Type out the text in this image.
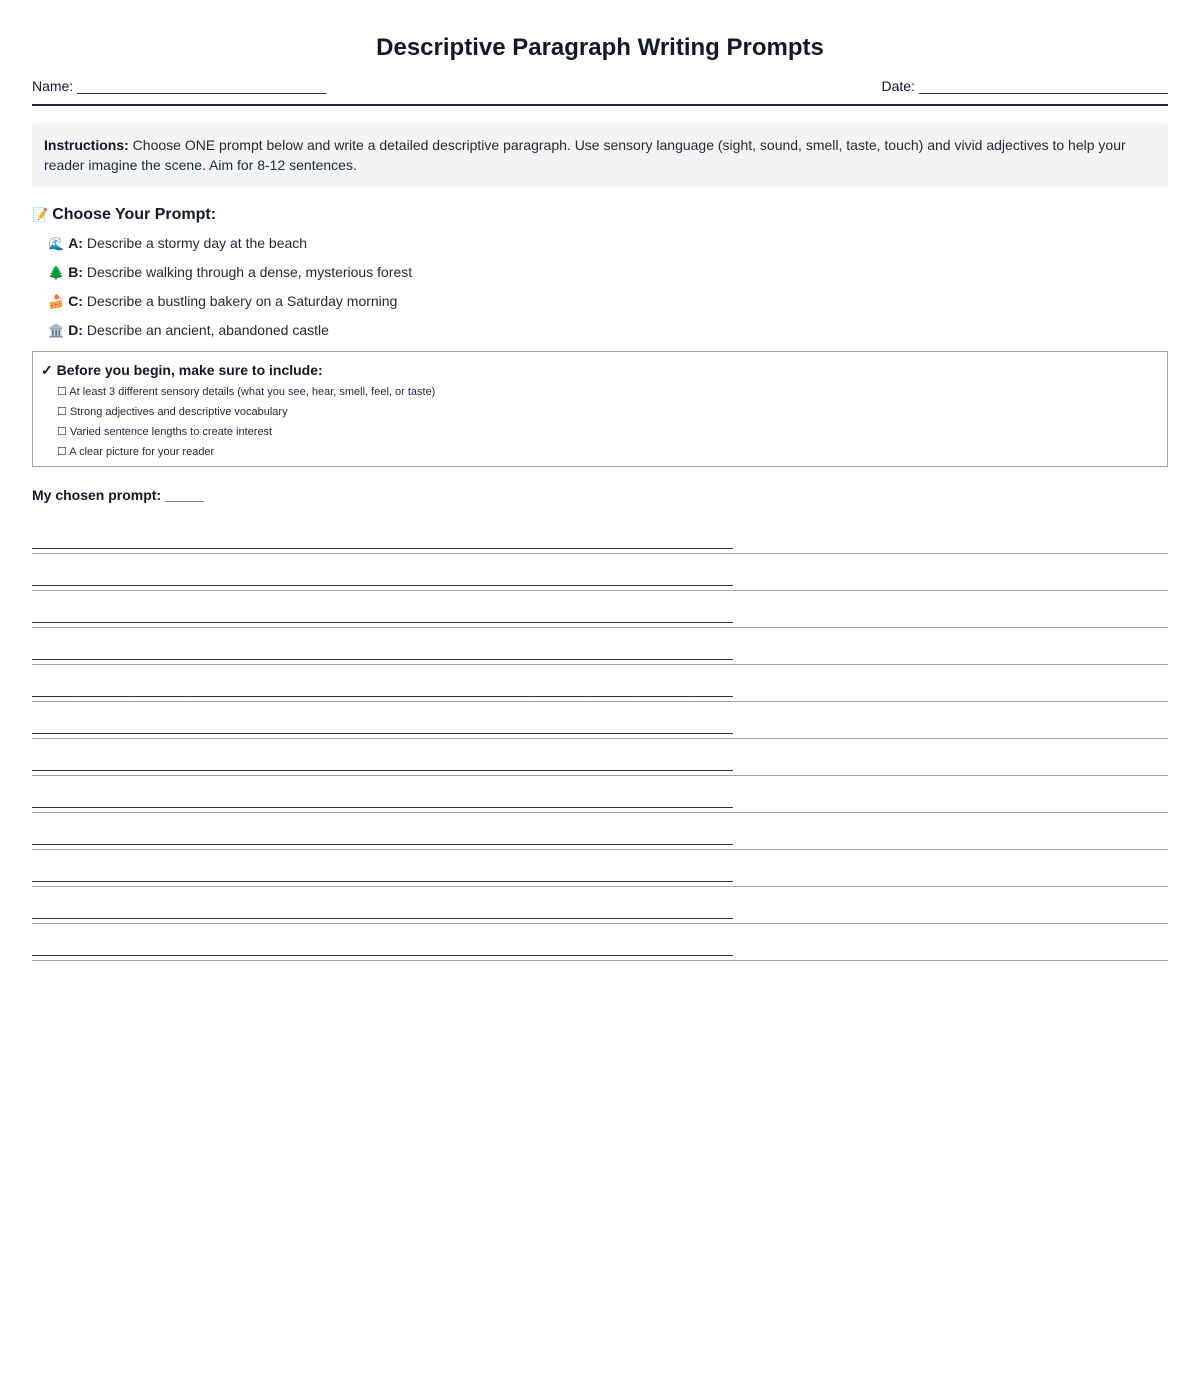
Descriptive Paragraph Writing Prompts
Name: ________________________________	Date: ________________________________
Instructions: Choose ONE prompt below and write a detailed descriptive paragraph. Use sensory language (sight, sound, smell, taste, touch) and vivid adjectives to help your reader imagine the scene. Aim for 8-12 sentences.
📝 Choose Your Prompt:
🌊 A: Describe a stormy day at the beach
🌲 B: Describe walking through a dense, mysterious forest
🍰 C: Describe a bustling bakery on a Saturday morning
🏛️ D: Describe an ancient, abandoned castle
✓ Before you begin, make sure to include:
☐ At least 3 different sensory details (what you see, hear, smell, feel, or taste)
☐ Strong adjectives and descriptive vocabulary
☐ Varied sentence lengths to create interest
☐ A clear picture for your reader
My chosen prompt: _____
__________________________________________________________________________________________
__________________________________________________________________________________________
__________________________________________________________________________________________
__________________________________________________________________________________________
__________________________________________________________________________________________
__________________________________________________________________________________________
__________________________________________________________________________________________
__________________________________________________________________________________________
__________________________________________________________________________________________
__________________________________________________________________________________________
__________________________________________________________________________________________
__________________________________________________________________________________________
